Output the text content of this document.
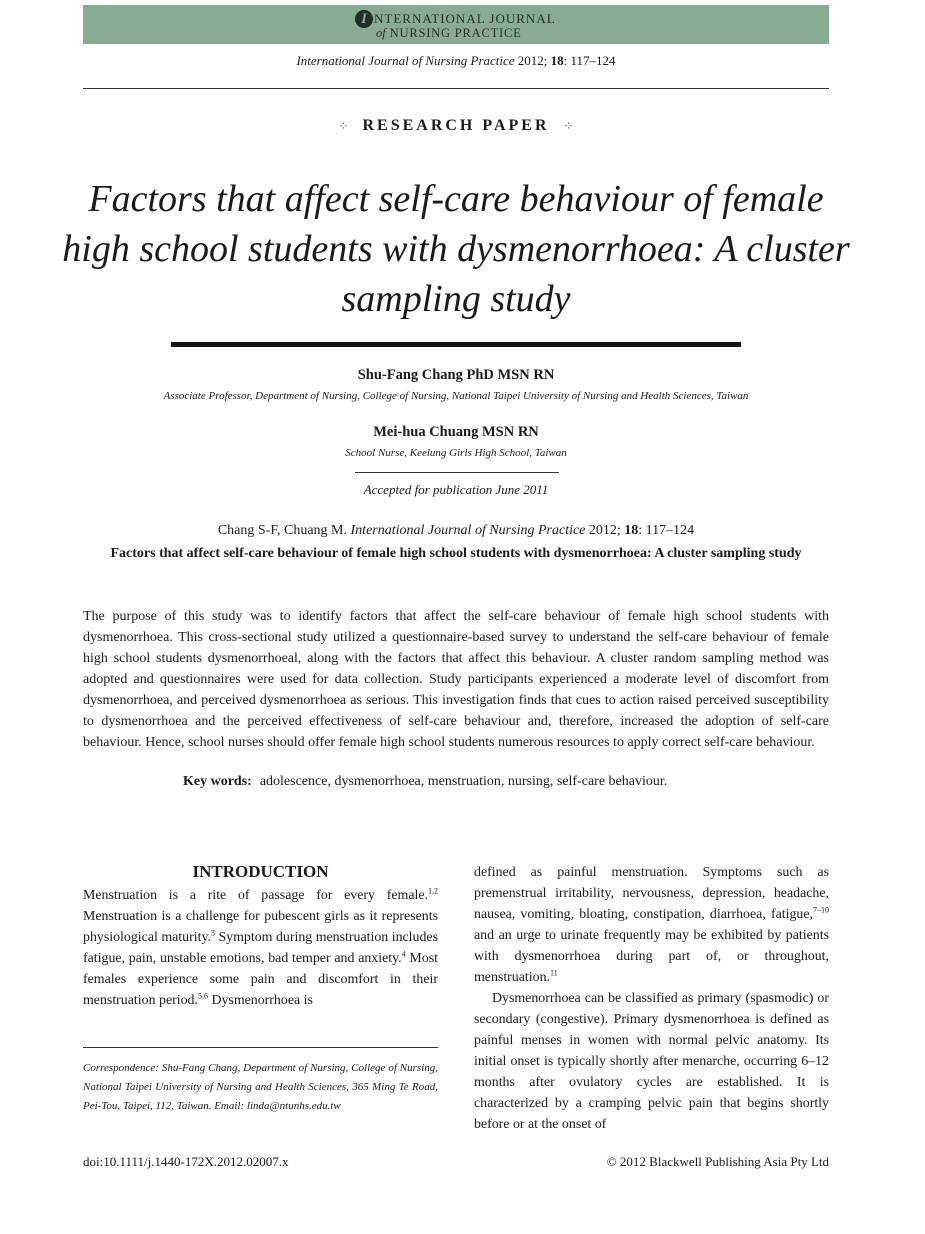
I NTERNATIONAL JOURNAL
of NURSING PRACTICE
International Journal of Nursing Practice 2012; 18: 117–124
⁘ RESEARCH PAPER ⁘
Factors that affect self-care behaviour of female high school students with dysmenorrhoea: A cluster sampling study
Shu-Fang Chang PhD MSN RN
Associate Professor, Department of Nursing, College of Nursing, National Taipei University of Nursing and Health Sciences, Taiwan
Mei-hua Chuang MSN RN
School Nurse, Keelung Girls High School, Taiwan
Accepted for publication June 2011
Chang S-F, Chuang M. International Journal of Nursing Practice 2012; 18: 117–124
Factors that affect self-care behaviour of female high school students with dysmenorrhoea: A cluster sampling study
The purpose of this study was to identify factors that affect the self-care behaviour of female high school students with dysmenorrhoea. This cross-sectional study utilized a questionnaire-based survey to understand the self-care behaviour of female high school students dysmenorrhoeal, along with the factors that affect this behaviour. A cluster random sampling method was adopted and questionnaires were used for data collection. Study participants experienced a moderate level of discomfort from dysmenorrhoea, and perceived dysmenorrhoea as serious. This investigation finds that cues to action raised perceived susceptibility to dysmenorrhoea and the perceived effectiveness of self-care behaviour and, therefore, increased the adoption of self-care behaviour. Hence, school nurses should offer female high school students numerous resources to apply correct self-care behaviour.
Key words: adolescence, dysmenorrhoea, menstruation, nursing, self-care behaviour.
INTRODUCTION

Menstruation is a rite of passage for every female.$^{1,2}$ Menstruation is a challenge for pubescent girls as it represents physiological maturity.$^3$ Symptom during menstruation includes fatigue, pain, unstable emotions, bad temper and anxiety.$^4$ Most females experience some pain and discomfort in their menstruation period.$^{5,6}$ Dysmenorrhoea is

Correspondence: Shu-Fang Chang, Department of Nursing, College of Nursing, National Taipei University of Nursing and Health Sciences, 365 Ming Te Road, Pei-Tou, Taipei, 112, Taiwan. Email: linda@ntunhs.edu.tw

defined as painful menstruation. Symptoms such as premenstrual irritability, nervousness, depression, headache, nausea, vomiting, bloating, constipation, diarrhoea, fatigue,$^{7-10}$ and an urge to urinate frequently may be exhibited by patients with dysmenorrhoea during part of, or throughout, menstruation.$^{11}$

Dysmenorrhoea can be classified as primary (spasmodic) or secondary (congestive). Primary dysmenorrhoea is defined as painful menses in women with normal pelvic anatomy. Its initial onset is typically shortly after menarche, occurring 6–12 months after ovulatory cycles are established. It is characterized by a cramping pelvic pain that begins shortly before or at the onset of

doi:10.1111/j.1440-172X.2012.02007.x	© 2012 Blackwell Publishing Asia Pty Ltd
